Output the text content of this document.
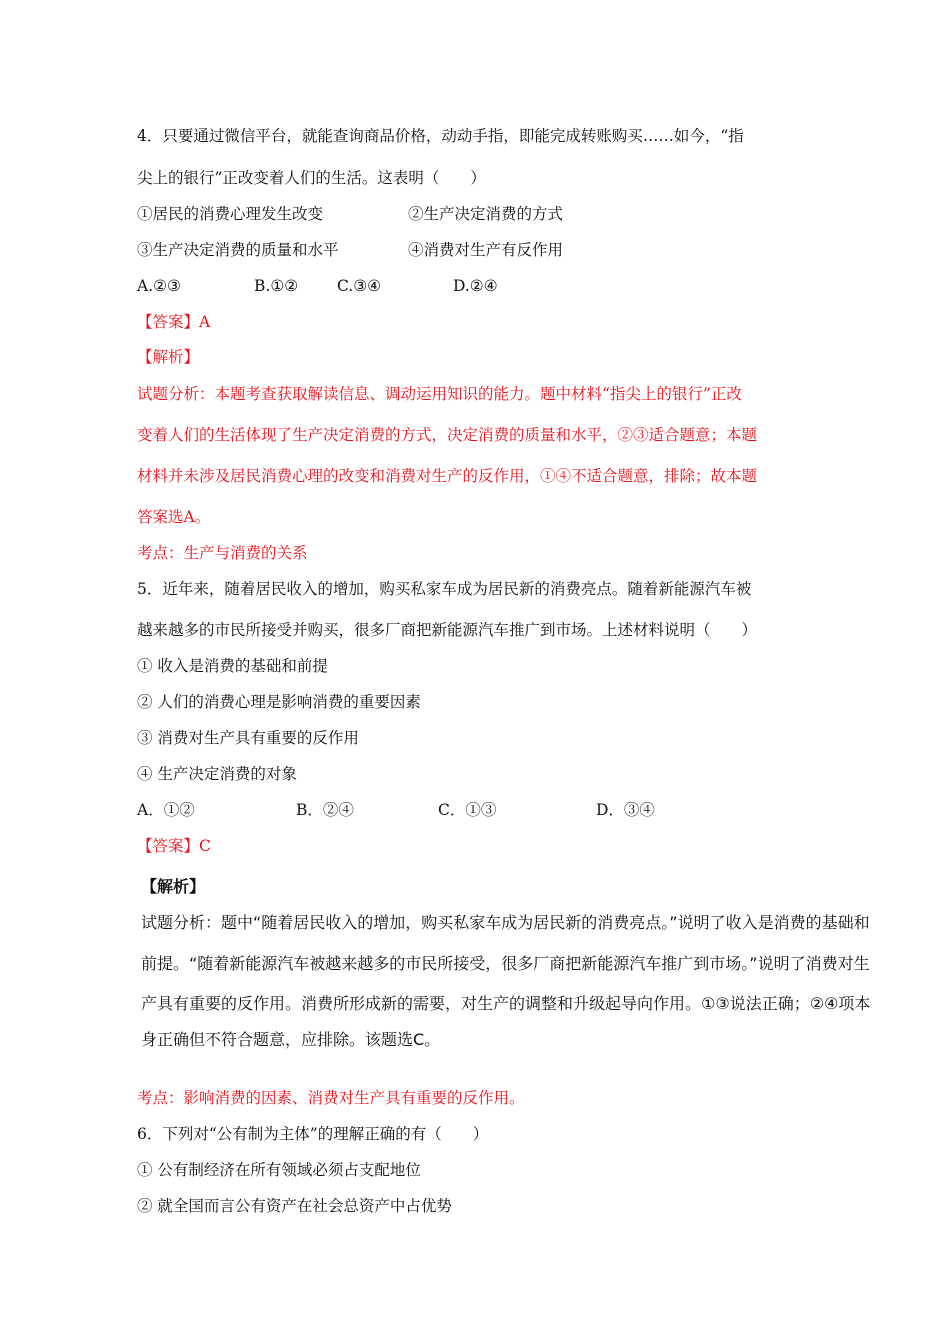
4．只要通过微信平台，就能查询商品价格，动动手指，即能完成转账购买……如今，“指
尖上的银行”正改变着人们的生活。这表明（　　）
①居民的消费心理发生改变	②生产决定消费的方式
③生产决定消费的质量和水平	④消费对生产有反作用
A.②③	B.①②	C.③④	D.②④
【答案】A
【解析】
试题分析：本题考查获取解读信息、调动运用知识的能力。题中材料“指尖上的银行”正改
变着人们的生活体现了生产决定消费的方式，决定消费的质量和水平，②③适合题意；本题
材料并未涉及居民消费心理的改变和消费对生产的反作用，①④不适合题意，排除；故本题
答案选A。
考点：生产与消费的关系
5．近年来，随着居民收入的增加，购买私家车成为居民新的消费亮点。随着新能源汽车被
越来越多的市民所接受并购买，很多厂商把新能源汽车推广到市场。上述材料说明（　　）
① 收入是消费的基础和前提
② 人们的消费心理是影响消费的重要因素
③ 消费对生产具有重要的反作用
④ 生产决定消费的对象
A．①②	B．②④	C．①③	D．③④
【答案】C
【解析】
试题分析：题中“随着居民收入的增加，购买私家车成为居民新的消费亮点。”说明了收入是消费的基础和
前提。“随着新能源汽车被越来越多的市民所接受，很多厂商把新能源汽车推广到市场。”说明了消费对生
产具有重要的反作用。消费所形成新的需要，对生产的调整和升级起导向作用。①③说法正确；②④项本
身正确但不符合题意，应排除。该题选C。
考点：影响消费的因素、消费对生产具有重要的反作用。
6．下列对“公有制为主体”的理解正确的有（　　）
① 公有制经济在所有领域必须占支配地位
② 就全国而言公有资产在社会总资产中占优势
